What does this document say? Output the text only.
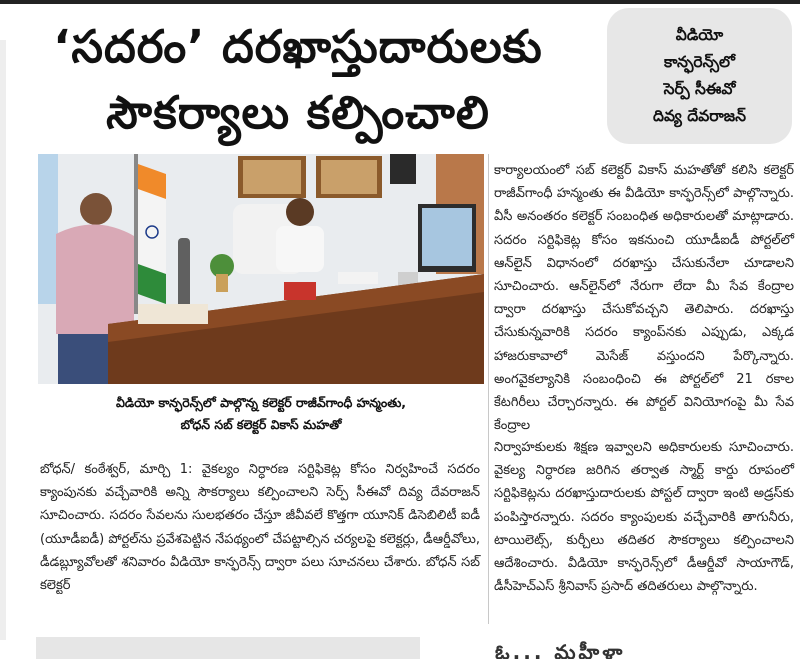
‘సదరం’ దరఖాస్తుదారులకు
సౌకర్యాలు కల్పించాలి
వీడియో
కాన్ఫరెన్స్‌లో
సెర్ప్ సీఈవో
దివ్య దేవరాజన్
వీడియో కాన్ఫరెన్స్‌లో పాల్గొన్న కలెక్టర్ రాజీవ్‌గాంధీ హన్మంతు,
బోధన్ సబ్ కలెక్టర్ వికాస్ మహతో
కార్యాలయంలో సబ్ కలెక్టర్ వికాస్ మహతోతో కలిసి కలెక్టర్ రాజీవ్‌గాంధీ హన్మంతు ఈ వీడియో కాన్ఫరెన్స్‌లో పాల్గొన్నారు. వీసీ అనంతరం కలెక్టర్ సంబంధిత అధికారులతో మాట్లాడారు. సదరం సర్టిఫికెట్ల కోసం ఇకనుంచి యూడీఐడీ పోర్టల్‌లో ఆన్‌లైన్ విధానంలో దరఖాస్తు చేసుకునేలా చూడాలని సూచించారు. ఆన్‌లైన్‌లో నేరుగా లేదా మీ సేవ కేంద్రాల ద్వారా దరఖాస్తు చేసుకోవచ్చని తెలిపారు. దరఖాస్తు చేసుకున్నవారికి సదరం క్యాంప్‌నకు ఎప్పుడు, ఎక్కడ హాజరుకావాలో మెసేజ్ వస్తుందని పేర్కొన్నారు. అంగవైకల్యానికి సంబంధించి ఈ పోర్టల్‌లో 21 రకాల కేటగిరీలు చేర్చారన్నారు. ఈ పోర్టల్ వినియోగంపై మీ సేవ కేంద్రాల
నిర్వాహకులకు శిక్షణ ఇవ్వాలని అధికారులకు సూచించారు. వైకల్య నిర్ధారణ జరిగిన తర్వాత స్మార్ట్ కార్డు రూపంలో సర్టిఫికెట్లను దరఖాస్తుదారులకు పోస్టల్ ద్వారా ఇంటి అడ్రస్‌కు పంపిస్తారన్నారు. సదరం క్యాంపులకు వచ్చేవారికి తాగునీరు, టాయిలెట్స్, కుర్చీలు తదితర సౌకర్యాలు కల్పించాలని ఆదేశించారు. వీడియో కాన్ఫరెన్స్‌లో డీఆర్డీవో సాయాగౌడ్, డీసీహెచ్ఎస్ శ్రీనివాస్ ప్రసాద్ తదితరులు పాల్గొన్నారు.
బోధన్/ కంఠేశ్వర్, మార్చి 1: వైకల్యం నిర్ధారణ సర్టిఫికెట్ల కోసం నిర్వహించే సదరం క్యాంపునకు వచ్చేవారికి అన్ని సౌకర్యాలు కల్పించాలని సెర్ప్ సీఈవో దివ్య దేవరాజన్ సూచించారు. సదరం సేవలను సులభతరం చేస్తూ జీవీవలే కొత్తగా యూనిక్ డిసెబిలిటీ ఐడీ (యూడీఐడీ) పోర్టల్‌ను ప్రవేశపెట్టిన నేపథ్యంలో చేపట్టాల్సిన చర్యలపై కలెక్టర్లు, డీఆర్డీవోలు, డీడబ్ల్యూవోలతో శనివారం వీడియో కాన్ఫరెన్స్ ద్వారా పలు సూచనలు చేశారు. బోధన్ సబ్ కలెక్టర్
ఓ... మహీళా
